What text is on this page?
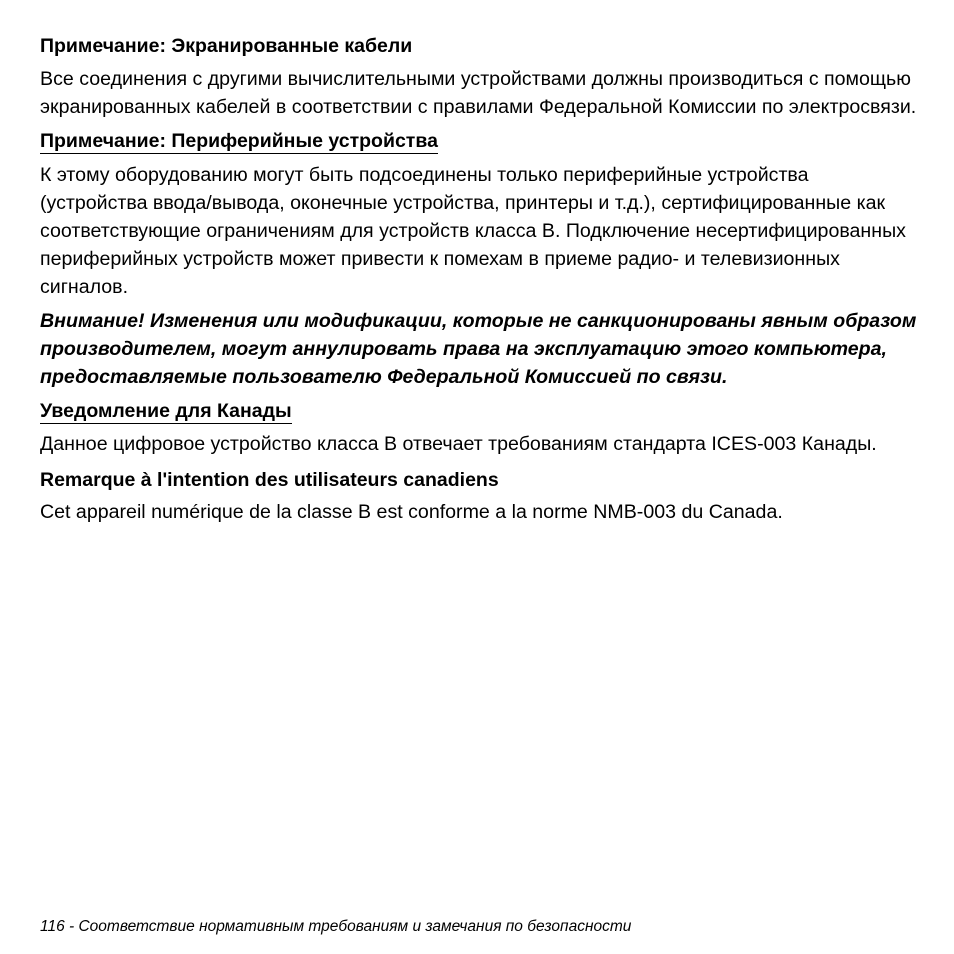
Примечание: Экранированные кабели

Все соединения с другими вычислительными устройствами должны производиться с помощью экранированных кабелей в соответствии с правилами Федеральной Комиссии по электросвязи.

Примечание: Периферийные устройства

К этому оборудованию могут быть подсоединены только периферийные устройства (устройства ввода/вывода, оконечные устройства, принтеры и т.д.), сертифицированные как соответствующие ограничениям для устройств класса B. Подключение несертифицированных периферийных устройств может привести к помехам в приеме радио- и телевизионных сигналов.

Внимание! Изменения или модификации, которые не санкционированы явным образом производителем, могут аннулировать права на эксплуатацию этого компьютера, предоставляемые пользователю Федеральной Комиссией по связи.

Уведомление для Канады

Данное цифровое устройство класса B отвечает требованиям стандарта ICES-003 Канады.

Remarque à l'intention des utilisateurs canadiens

Cet appareil numérique de la classe B est conforme a la norme NMB-003 du Canada.

116 - Соответствие нормативным требованиям и замечания по безопасности
